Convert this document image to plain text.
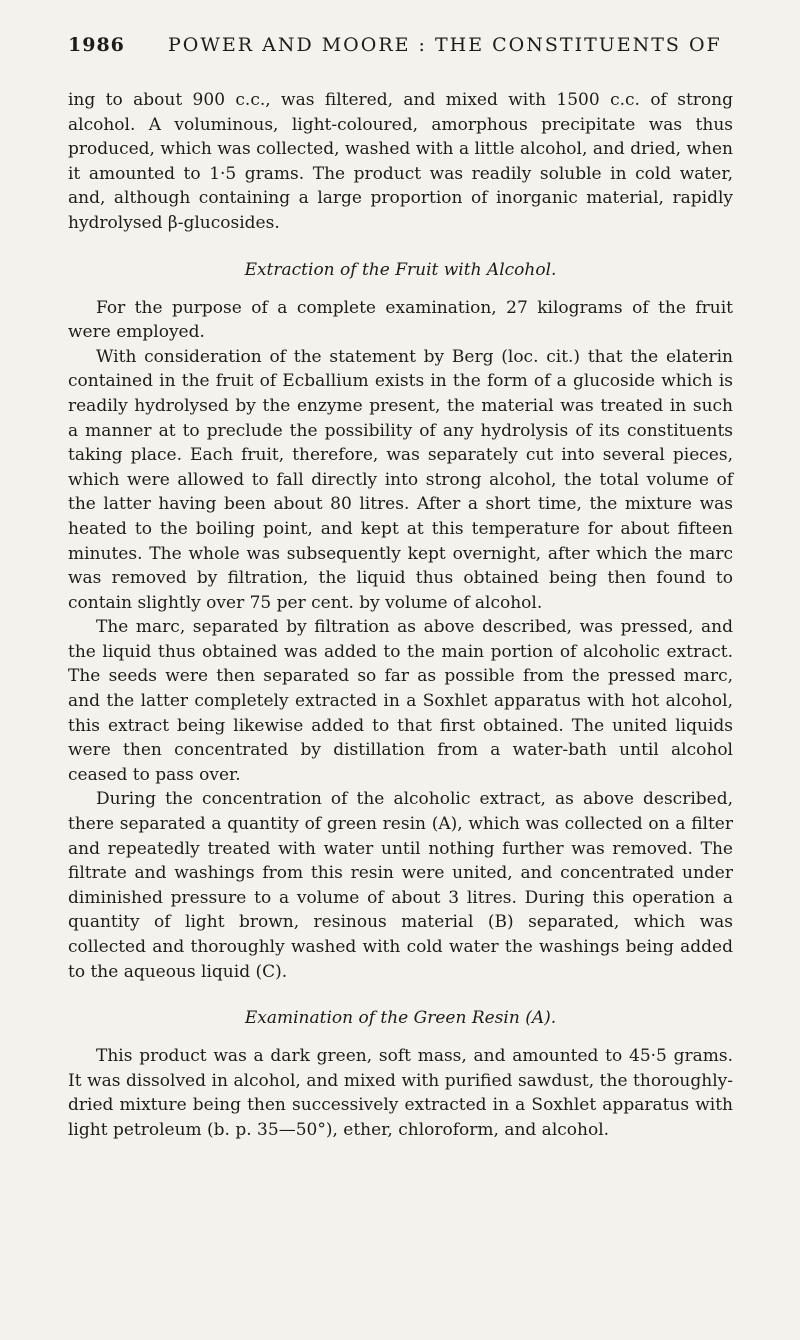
1986 POWER AND MOORE : THE CONSTITUENTS OF

ing to about 900 c.c., was filtered, and mixed with 1500 c.c. of strong alcohol. A voluminous, light-coloured, amorphous precipitate was thus produced, which was collected, washed with a little alcohol, and dried, when it amounted to 1·5 grams. The product was readily soluble in cold water, and, although containing a large proportion of inorganic material, rapidly hydrolysed β-glucosides.

Extraction of the Fruit with Alcohol.

For the purpose of a complete examination, 27 kilograms of the fruit were employed.

With consideration of the statement by Berg (loc. cit.) that the elaterin contained in the fruit of Ecballium exists in the form of a glucoside which is readily hydrolysed by the enzyme present, the material was treated in such a manner at to preclude the possibility of any hydrolysis of its constituents taking place. Each fruit, therefore, was separately cut into several pieces, which were allowed to fall directly into strong alcohol, the total volume of the latter having been about 80 litres. After a short time, the mixture was heated to the boiling point, and kept at this temperature for about fifteen minutes. The whole was subsequently kept overnight, after which the marc was removed by filtration, the liquid thus obtained being then found to contain slightly over 75 per cent. by volume of alcohol.

The marc, separated by filtration as above described, was pressed, and the liquid thus obtained was added to the main portion of alcoholic extract. The seeds were then separated so far as possible from the pressed marc, and the latter completely extracted in a Soxhlet apparatus with hot alcohol, this extract being likewise added to that first obtained. The united liquids were then concentrated by distillation from a water-bath until alcohol ceased to pass over.

During the concentration of the alcoholic extract, as above described, there separated a quantity of green resin (A), which was collected on a filter and repeatedly treated with water until nothing further was removed. The filtrate and washings from this resin were united, and concentrated under diminished pressure to a volume of about 3 litres. During this operation a quantity of light brown, resinous material (B) separated, which was collected and thoroughly washed with cold water the washings being added to the aqueous liquid (C).

Examination of the Green Resin (A).

This product was a dark green, soft mass, and amounted to 45·5 grams. It was dissolved in alcohol, and mixed with purified sawdust, the thoroughly-dried mixture being then successively extracted in a Soxhlet apparatus with light petroleum (b. p. 35—50°), ether, chloroform, and alcohol.
